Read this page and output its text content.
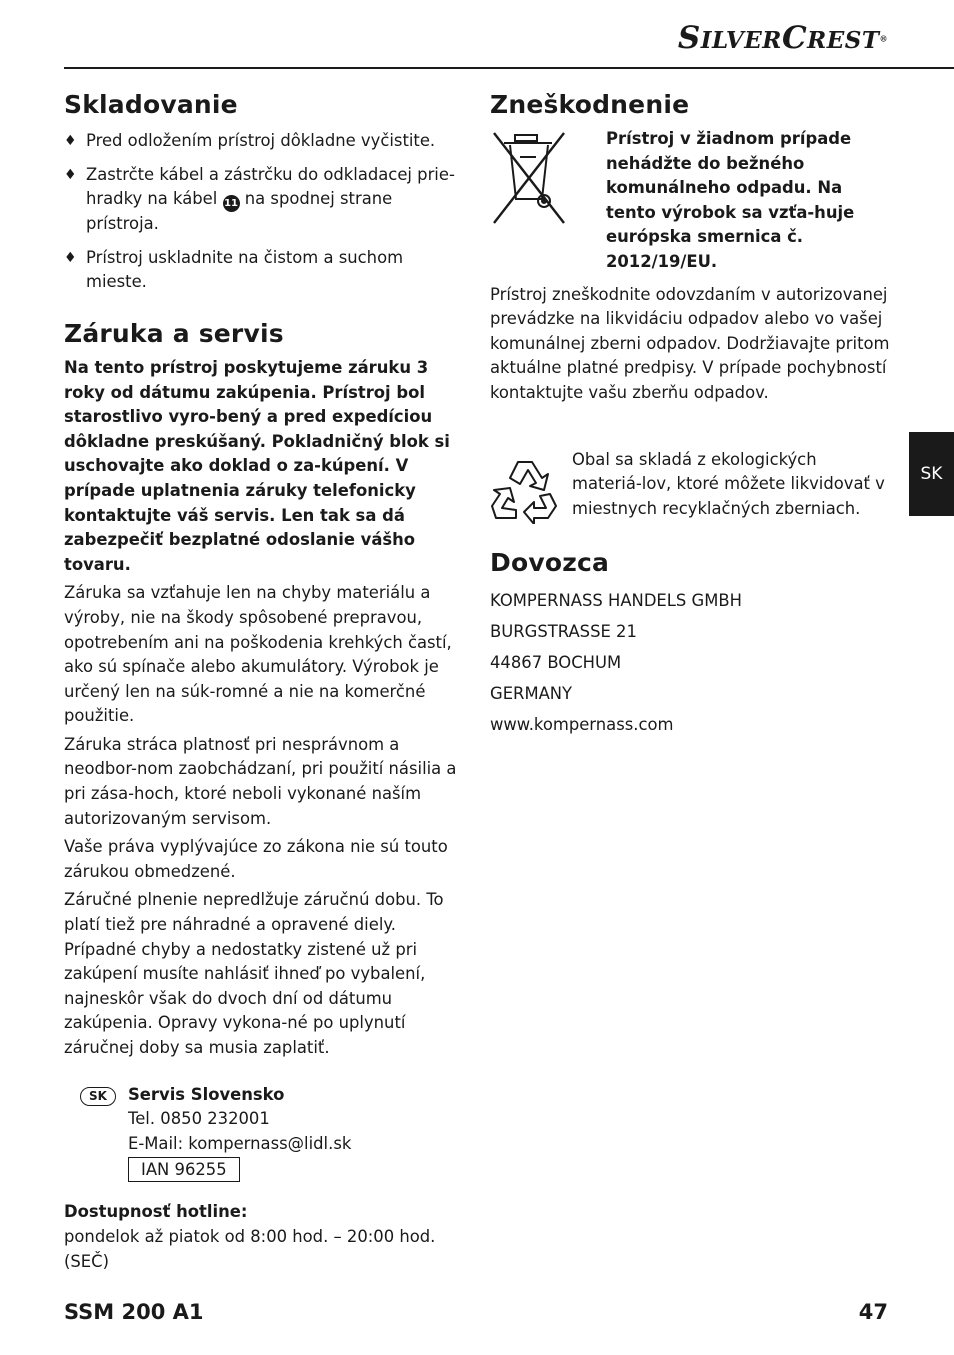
SILVERCREST®
Skladovanie
♦ Pred odložením prístroj dôkladne vyčistite.
♦ Zastrčte kábel a zástrčku do odkladacej prie-hradky na kábel 11 na spodnej strane prístroja.
♦ Prístroj uskladnite na čistom a suchom mieste.
Záruka a servis

Na tento prístroj poskytujeme záruku 3 roky od dátumu zakúpenia. Prístroj bol starostlivo vyro-bený a pred expedíciou dôkladne preskúšaný. Pokladničný blok si uschovajte ako doklad o za-kúpení. V prípade uplatnenia záruky telefonicky kontaktujte váš servis. Len tak sa dá zabezpečiť bezplatné odoslanie vášho tovaru.

Záruka sa vzťahuje len na chyby materiálu a výroby, nie na škody spôsobené prepravou, opotrebením ani na poškodenia krehkých častí, ako sú spínače alebo akumulátory. Výrobok je určený len na súk-romné a nie na komerčné použitie.

Záruka stráca platnosť pri nesprávnom a neodbor-nom zaobchádzaní, pri použití násilia a pri zása-hoch, ktoré neboli vykonané naším autorizovaným servisom.

Vaše práva vyplývajúce zo zákona nie sú touto zárukou obmedzené.

Záručné plnenie nepredlžuje záručnú dobu. To platí tiež pre náhradné a opravené diely. Prípadné chyby a nedostatky zistené už pri zakúpení musíte nahlásiť ihneď po vybalení, najneskôr však do dvoch dní od dátumu zakúpenia. Opravy vykona-né po uplynutí záručnej doby sa musia zaplatiť.

SK	Servis Slovensko
Tel. 0850 232001
E-Mail: kompernass@lidl.sk
IAN 96255
Dostupnosť hotline:
pondelok až piatok od 8:00 hod. – 20:00 hod. (SEČ)
Zneškodnenie

Prístroj v žiadnom prípade nehádžte do bežného komunálneho odpadu. Na tento výrobok sa vzťa-huje európska smernica č. 2012/19/EU.

Prístroj zneškodnite odovzdaním v autorizovanej prevádzke na likvidáciu odpadov alebo vo vašej komunálnej zberni odpadov. Dodržiavajte pritom aktuálne platné predpisy. V prípade pochybností kontaktujte vašu zberňu odpadov.

Obal sa skladá z ekologických materiá-lov, ktoré môžete likvidovať v miestnych recyklačných zberniach.

Dovozca
KOMPERNASS HANDELS GMBH
BURGSTRASSE 21
44867 BOCHUM
GERMANY
www.kompernass.com
SK
SSM 200 A1	47
